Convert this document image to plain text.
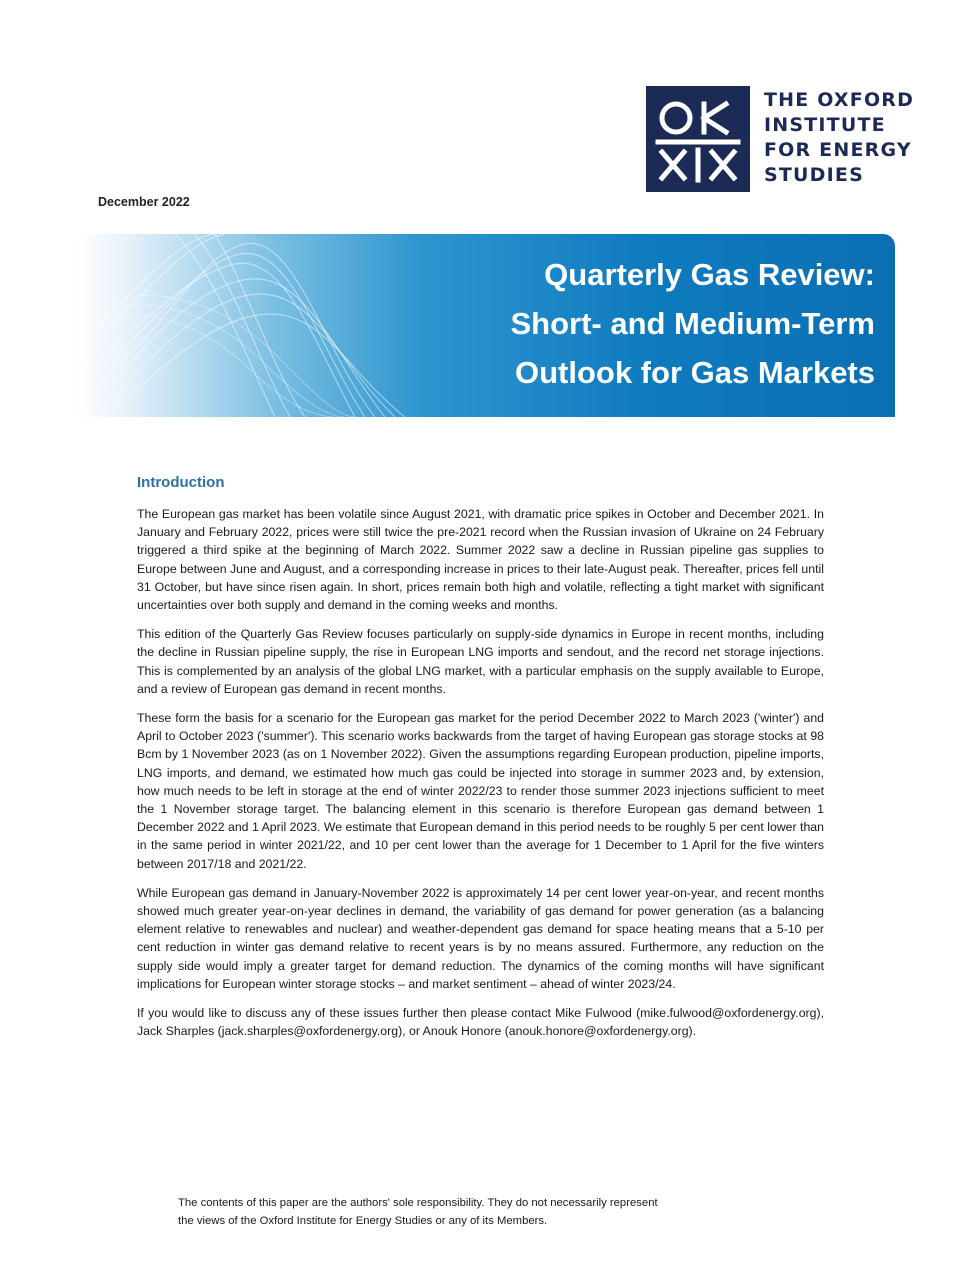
THE OXFORD
INSTITUTE
FOR ENERGY
STUDIES
December 2022
Quarterly Gas Review:
Short- and Medium-Term
Outlook for Gas Markets
Introduction

The European gas market has been volatile since August 2021, with dramatic price spikes in October and December 2021. In January and February 2022, prices were still twice the pre-2021 record when the Russian invasion of Ukraine on 24 February triggered a third spike at the beginning of March 2022. Summer 2022 saw a decline in Russian pipeline gas supplies to Europe between June and August, and a corresponding increase in prices to their late-August peak. Thereafter, prices fell until 31 October, but have since risen again. In short, prices remain both high and volatile, reflecting a tight market with significant uncertainties over both supply and demand in the coming weeks and months.

This edition of the Quarterly Gas Review focuses particularly on supply-side dynamics in Europe in recent months, including the decline in Russian pipeline supply, the rise in European LNG imports and sendout, and the record net storage injections. This is complemented by an analysis of the global LNG market, with a particular emphasis on the supply available to Europe, and a review of European gas demand in recent months.

These form the basis for a scenario for the European gas market for the period December 2022 to March 2023 ('winter') and April to October 2023 ('summer'). This scenario works backwards from the target of having European gas storage stocks at 98 Bcm by 1 November 2023 (as on 1 November 2022). Given the assumptions regarding European production, pipeline imports, LNG imports, and demand, we estimated how much gas could be injected into storage in summer 2023 and, by extension, how much needs to be left in storage at the end of winter 2022/23 to render those summer 2023 injections sufficient to meet the 1 November storage target. The balancing element in this scenario is therefore European gas demand between 1 December 2022 and 1 April 2023. We estimate that European demand in this period needs to be roughly 5 per cent lower than in the same period in winter 2021/22, and 10 per cent lower than the average for 1 December to 1 April for the five winters between 2017/18 and 2021/22.

While European gas demand in January-November 2022 is approximately 14 per cent lower year-on-year, and recent months showed much greater year-on-year declines in demand, the variability of gas demand for power generation (as a balancing element relative to renewables and nuclear) and weather-dependent gas demand for space heating means that a 5-10 per cent reduction in winter gas demand relative to recent years is by no means assured. Furthermore, any reduction on the supply side would imply a greater target for demand reduction. The dynamics of the coming months will have significant implications for European winter storage stocks – and market sentiment – ahead of winter 2023/24.

If you would like to discuss any of these issues further then please contact Mike Fulwood (mike.fulwood@oxfordenergy.org), Jack Sharples (jack.sharples@oxfordenergy.org), or Anouk Honore (anouk.honore@oxfordenergy.org).

The contents of this paper are the authors' sole responsibility. They do not necessarily represent
the views of the Oxford Institute for Energy Studies or any of its Members.
